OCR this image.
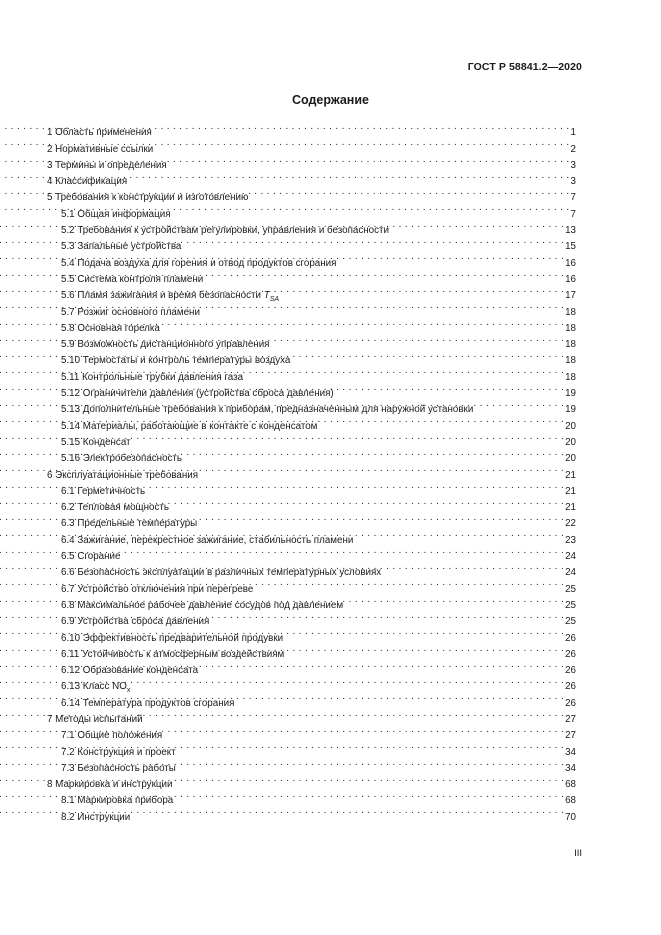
ГОСТ Р 58841.2—2020
Содержание
1 Область применения . . .	1
2 Нормативные ссылки . . .	2
3 Термины и определения . . .	3
4 Классификация . . .	3
5 Требования к конструкции и изготовлению . . .	7
5.1 Общая информация . . .	7
5.2 Требования к устройствам регулировки, управления и безопасности . . .	13
5.3 Запальные устройства . . .	15
5.4 Подача воздуха для горения и отвод продуктов сгорания . . .	16
5.5 Система контроля пламени . . .	16
5.6 Пламя зажигания и время безопасности $T_{SA}$ . . .	17
5.7 Розжиг основного пламени . . .	18
5.8 Основная горелка . . .	18
5.9 Возможность дистанционного управления . . .	18
5.10 Термостаты и контроль температуры воздуха . . .	18
5.11 Контрольные трубки давления газа . . .	18
5.12 Ограничители давления (устройства сброса давления) . . .	19
5.13 Дополнительные требования к приборам, предназначенным для наружной установки . . .	19
5.14 Материалы, работающие в контакте с конденсатом . . .	20
5.15 Конденсат . . .	20
5.16 Электробезопасность . . .	20
6 Эксплуатационные требования . . .	21
6.1 Герметичность . . .	21
6.2 Тепловая мощность . . .	21
6.3 Предельные температуры . . .	22
6.4 Зажигание, перекрестное зажигание, стабильность пламени . . .	23
6.5 Сгорание . . .	24
6.6 Безопасность эксплуатации в различных температурных условиях . . .	24
6.7 Устройство отключения при перегреве . . .	25
6.8 Максимальное рабочее давление сосудов под давлением . . .	25
6.9 Устройства сброса давления . . .	25
6.10 Эффективность предварительной продувки . . .	26
6.11 Устойчивость к атмосферным воздействиям . . .	26
6.12 Образование конденсата . . .	26
6.13 Класс $NO_x$ . . .	26
6.14 Температура продуктов сгорания . . .	26
7 Методы испытаний . . .	27
7.1 Общие положения . . .	27
7.2 Конструкция и проект . . .	34
7.3 Безопасность работы . . .	34
8 Маркировка и инструкции . . .	68
8.1 Маркировка прибора . . .	68
8.2 Инструкции . . .	70
III
